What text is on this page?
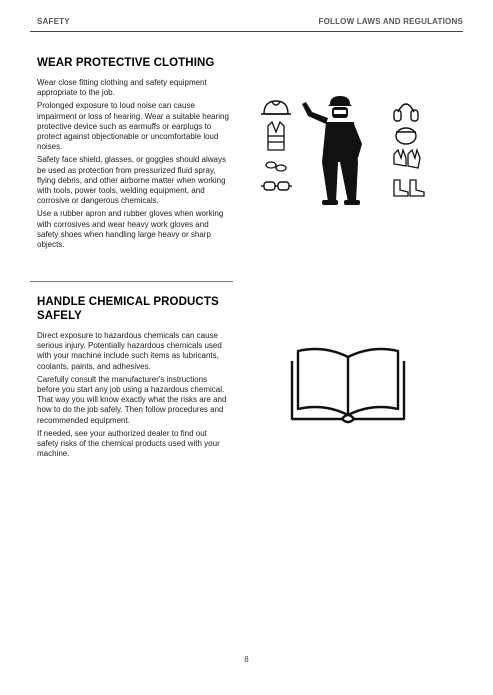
SAFETY	FOLLOW LAWS AND REGULATIONS
WEAR PROTECTIVE CLOTHING

Wear close fitting clothing and safety equipment appropriate to the job.

Prolonged exposure to loud noise can cause impairment or loss of hearing. Wear a suitable hearing protective device such as earmuffs or earplugs to protect against objectionable or uncomfortable loud noises.

Safety face shield, glasses, or goggles should always be used as protection from pressurized fluid spray, flying debris, and other airborne matter when working with tools, power tools, welding equipment, and corrosive or dangerous chemicals.

Use a rubber apron and rubber gloves when working with corrosives and wear heavy work gloves and safety shoes when handling large heavy or sharp objects.

HANDLE CHEMICAL PRODUCTS SAFELY

Direct exposure to hazardous chemicals can cause serious injury. Potentially hazardous chemicals used with your machine include such items as lubricants, coolants, paints, and adhesives.

Carefully consult the manufacturer's instructions before you start any job using a hazardous chemical. That way you will know exactly what the risks are and how to do the job safely. Then follow procedures and recommended equipment.

If needed, see your authorized dealer to find out safety risks of the chemical products used with your machine.

8
